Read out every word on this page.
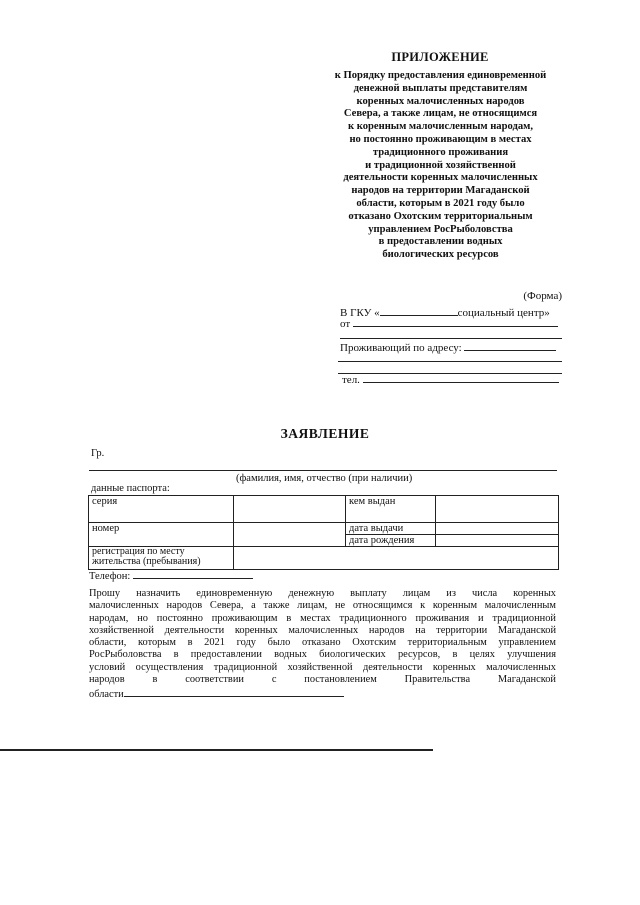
ПРИЛОЖЕНИЕ
к Порядку предоставления единовременной
денежной выплаты представителям
коренных малочисленных народов
Севера, а также лицам, не относящимся
к коренным малочисленным народам,
но постоянно проживающим в местах
традиционного проживания
и традиционной хозяйственной
деятельности коренных малочисленных
народов на территории Магаданской
области, которым в 2021 году было
отказано Охотским территориальным
управлением РосРыболовства
в предоставлении водных
биологических ресурсов
(Форма)
В ГКУ «	социальный центр»
от
Проживающий по адресу:
тел.
ЗАЯВЛЕНИЕ
Гр.
(фамилия, имя, отчество (при наличии)
данные паспорта:
серия		кем выдан	

номер		дата выдачи	
		дата рождения	
регистрация по месту жительства (пребывания)			
Телефон:

Прошу назначить единовременную денежную выплату лицам из числа коренных

малочисленных народов Севера, а также лицам, не относящимся к коренным малочисленным

народам, но постоянно проживающим в местах традиционного проживания и традиционной

хозяйственной деятельности коренных малочисленных народов на территории Магаданской

области, которым в 2021 году было отказано Охотским территориальным управлением

РосРыболовства в предоставлении водных биологических ресурсов, в целях улучшения

условий осуществления традиционной хозяйственной деятельности коренных малочисленных

народов	в	соответствии	с	постановлением	Правительства	Магаданской
области
